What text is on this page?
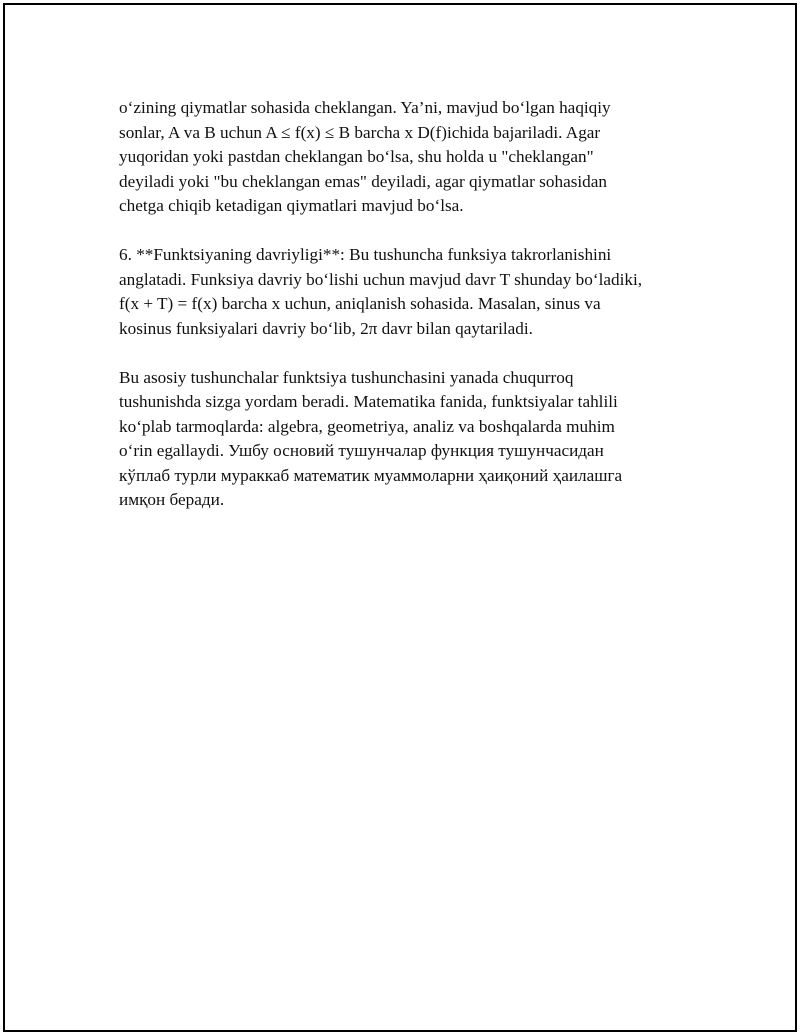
o‘zining qiymatlar sohasida cheklangan. Ya’ni, mavjud bo‘lgan haqiqiy
sonlar, A va B uchun A ≤ f(x) ≤ B barcha x D(f)ichida bajariladi. Agar
yuqoridan yoki pastdan cheklangan bo‘lsa, shu holda u "cheklangan"
deyiladi yoki "bu cheklangan emas" deyiladi, agar qiymatlar sohasidan
chetga chiqib ketadigan qiymatlari mavjud bo‘lsa.

6. **Funktsiyaning davriyligi**: Bu tushuncha funksiya takrorlanishini
anglatadi. Funksiya davriy bo‘lishi uchun mavjud davr T shunday bo‘ladiki,
f(x + T) = f(x) barcha x uchun, aniqlanish sohasida. Masalan, sinus va
kosinus funksiyalari davriy bo‘lib, 2π davr bilan qaytariladi.

Bu asosiy tushunchalar funktsiya tushunchasini yanada chuqurroq
tushunishda sizga yordam beradi. Matematika fanida, funktsiyalar tahlili
ko‘plab tarmoqlarda: algebra, geometriya, analiz va boshqalarda muhim
o‘rin egallaydi. Ушбу основий тушунчалар функция тушунчасидан
кўплаб турли мураккаб математик муаммоларни ҳаиқоний ҳаилашга
имқон беради.
